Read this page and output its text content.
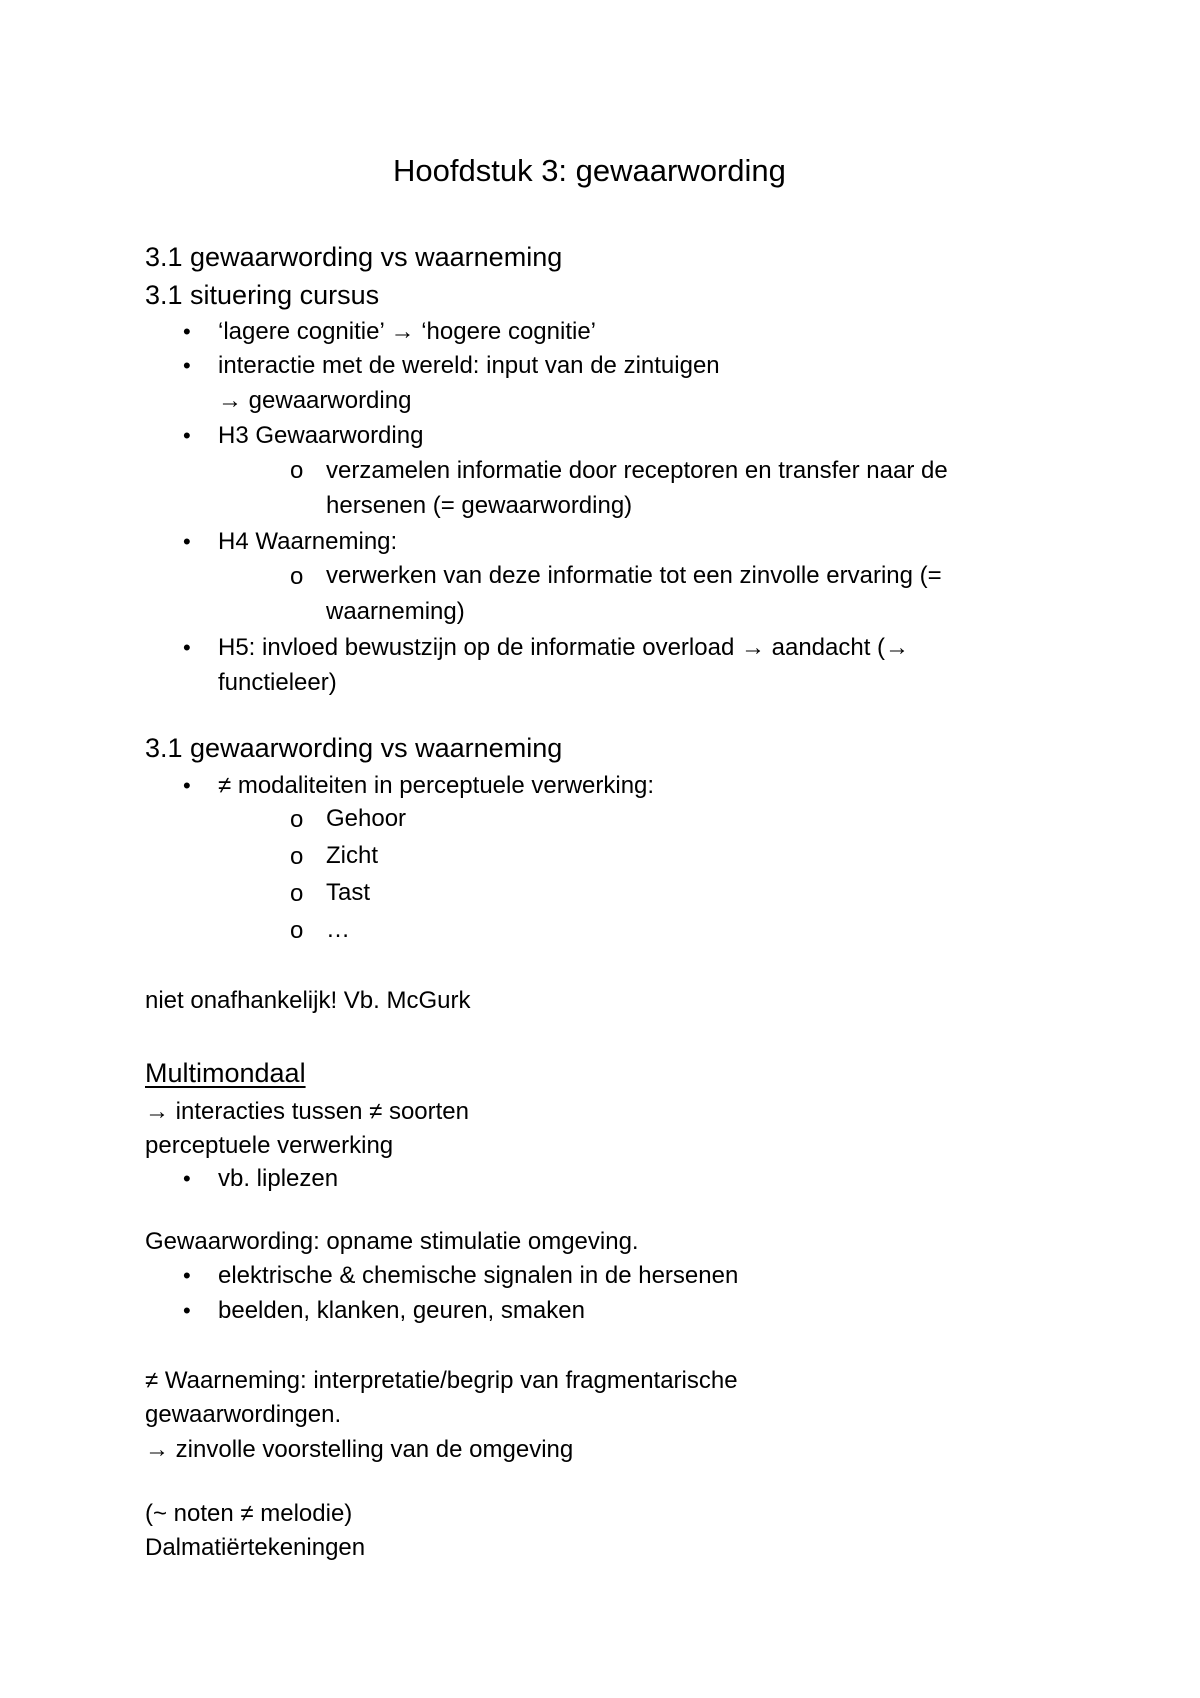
Hoofdstuk 3: gewaarwording
3.1 gewaarwording vs waarneming
3.1 situering cursus
• ‘lagere cognitie’ → ‘hogere cognitie’
• interactie met de wereld: input van de zintuigen
→ gewaarwording
• H3 Gewaarwording
o verzamelen informatie door receptoren en transfer naar de
hersenen (= gewaarwording)
• H4 Waarneming:
o verwerken van deze informatie tot een zinvolle ervaring (=
waarneming)
• H5: invloed bewustzijn op de informatie overload → aandacht (→
functieleer)
3.1 gewaarwording vs waarneming
• ≠ modaliteiten in perceptuele verwerking:
o Gehoor
o Zicht
o Tast
o …
niet onafhankelijk! Vb. McGurk
Multimondaal
→ interacties tussen ≠ soorten
perceptuele verwerking
• vb. liplezen
Gewaarwording: opname stimulatie omgeving.
• elektrische & chemische signalen in de hersenen
• beelden, klanken, geuren, smaken
≠ Waarneming: interpretatie/begrip van fragmentarische
gewaarwordingen.
→ zinvolle voorstelling van de omgeving
(~ noten ≠ melodie)
Dalmatiërtekeningen
